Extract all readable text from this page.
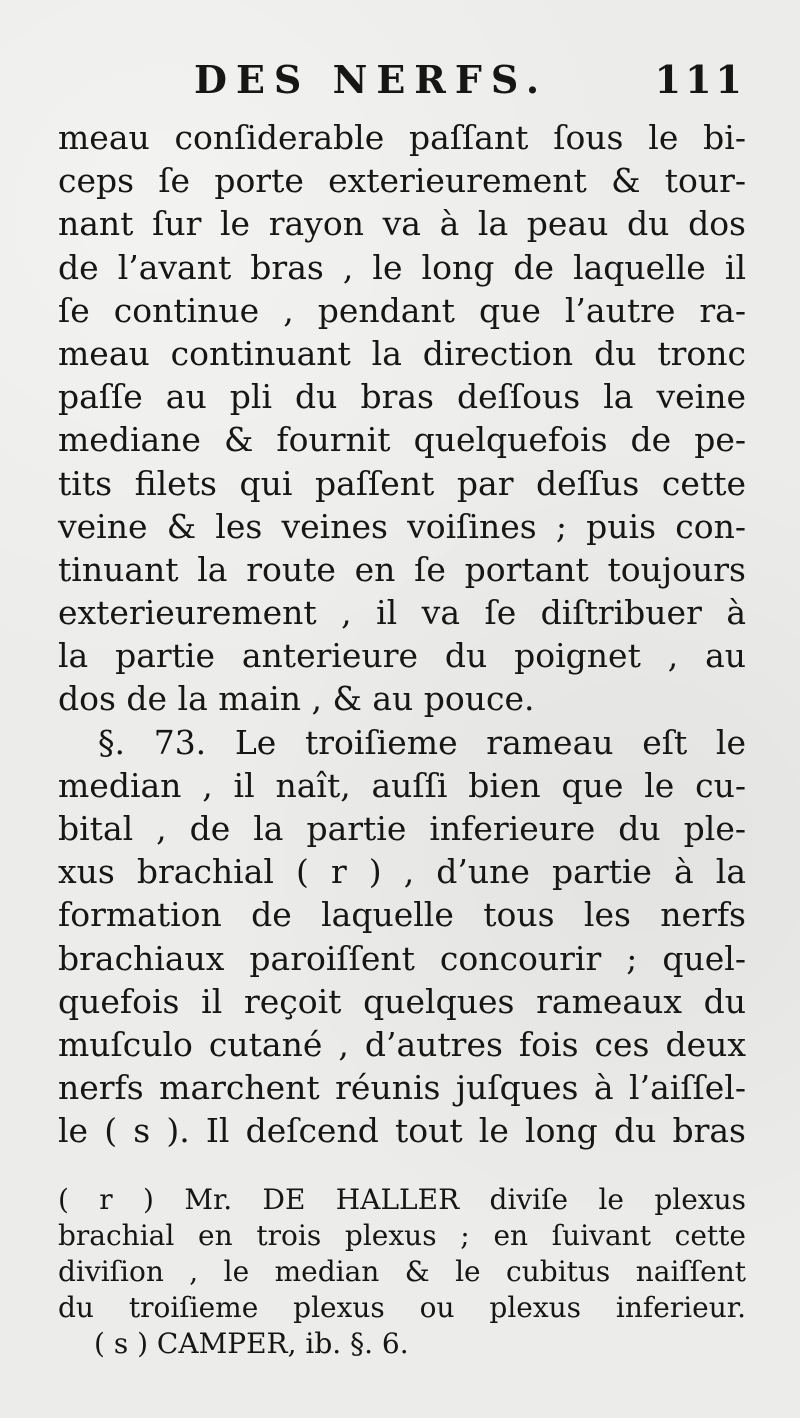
DES NERFS.	111
meau conſiderable paſſant ſous le bi-
ceps ſe porte exterieurement & tour-
nant ſur le rayon va à la peau du dos
de l’avant bras , le long de laquelle il
ſe continue , pendant que l’autre ra-
meau continuant la direction du tronc
paſſe au pli du bras deſſous la veine
mediane & fournit quelquefois de pe-
tits filets qui paſſent par deſſus cette
veine & les veines voiſines ; puis con-
tinuant la route en ſe portant toujours
exterieurement , il va ſe diſtribuer à
la partie anterieure du poignet , au
dos de la main , & au pouce.
§. 73. Le troiſieme rameau eſt le
median , il naît, auſſi bien que le cu-
bital , de la partie inferieure du ple-
xus brachial ( r ) , d’une partie à la
formation de laquelle tous les nerfs
brachiaux paroiſſent concourir ; quel-
quefois il reçoit quelques rameaux du
muſculo cutané , d’autres fois ces deux
nerfs marchent réunis juſques à l’aiſſel-
le ( s ). Il deſcend tout le long du bras
( r ) Mr. DE HALLER diviſe le plexus
brachial en trois plexus ; en ſuivant cette
diviſion , le median & le cubitus naiſſent
du troiſieme plexus ou plexus inferieur.
( s ) CAMPER, ib. §. 6.
